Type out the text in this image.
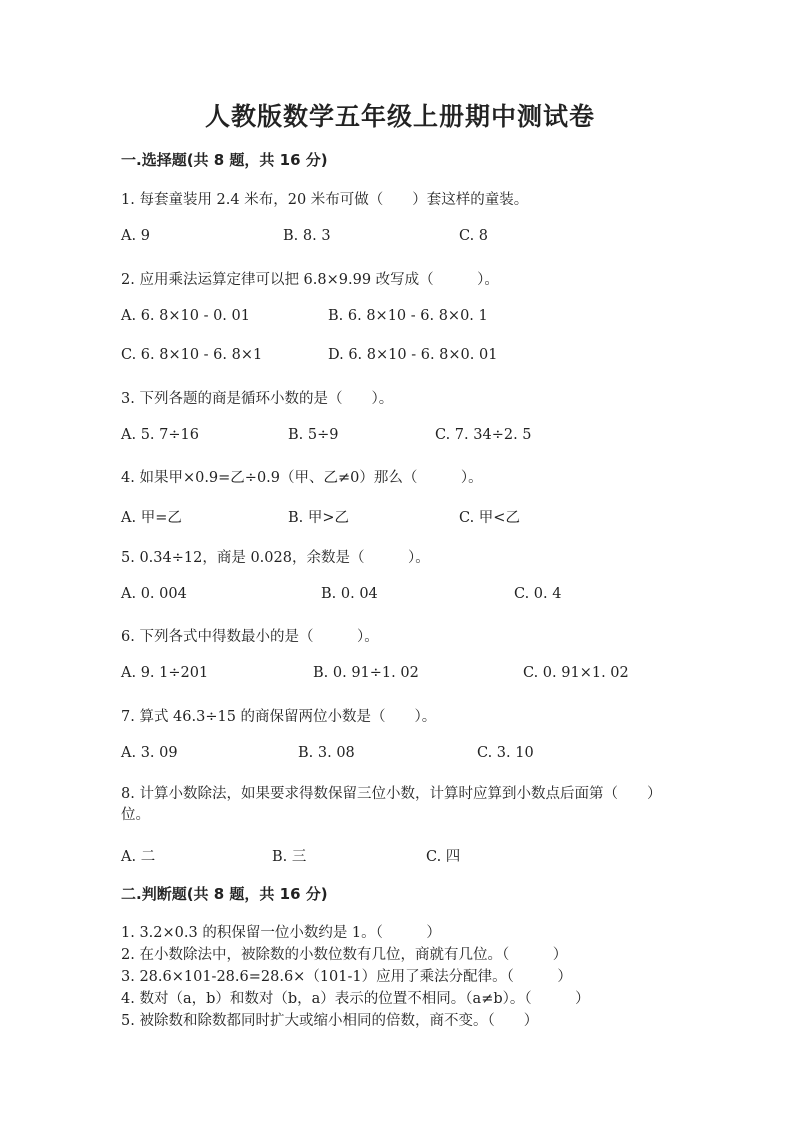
人教版数学五年级上册期中测试卷
一.选择题(共 8 题，共 16 分)
1. 每套童装用 2.4 米布，20 米布可做（　　）套这样的童装。
A. 9	B. 8. 3	C. 8
2. 应用乘法运算定律可以把 6.8×9.99 改写成（　　　）。
A. 6. 8×10 - 0. 01	B. 6. 8×10 - 6. 8×0. 1
C. 6. 8×10 - 6. 8×1	D. 6. 8×10 - 6. 8×0. 01
3. 下列各题的商是循环小数的是（　　）。
A. 5. 7÷16	B. 5÷9	C. 7. 34÷2. 5
4. 如果甲×0.9=乙÷0.9（甲、乙≠0）那么（　　　）。
A. 甲=乙	B. 甲>乙	C. 甲<乙
5. 0.34÷12，商是 0.028，余数是（　　　）。
A. 0. 004	B. 0. 04	C. 0. 4
6. 下列各式中得数最小的是（　　　）。
A. 9. 1÷201	B. 0. 91÷1. 02	C. 0. 91×1. 02
7. 算式 46.3÷15 的商保留两位小数是（　　）。
A. 3. 09	B. 3. 08	C. 3. 10
8. 计算小数除法，如果要求得数保留三位小数，计算时应算到小数点后面第（　　）位。
A. 二	B. 三	C. 四
二.判断题(共 8 题，共 16 分)
1. 3.2×0.3 的积保留一位小数约是 1。（　　　）
2. 在小数除法中，被除数的小数位数有几位，商就有几位。（　　　）
3. 28.6×101-28.6=28.6×（101-1）应用了乘法分配律。（　　　）
4. 数对（a，b）和数对（b，a）表示的位置不相同。（a≠b）。（　　　）
5. 被除数和除数都同时扩大或缩小相同的倍数，商不变。（　　）
